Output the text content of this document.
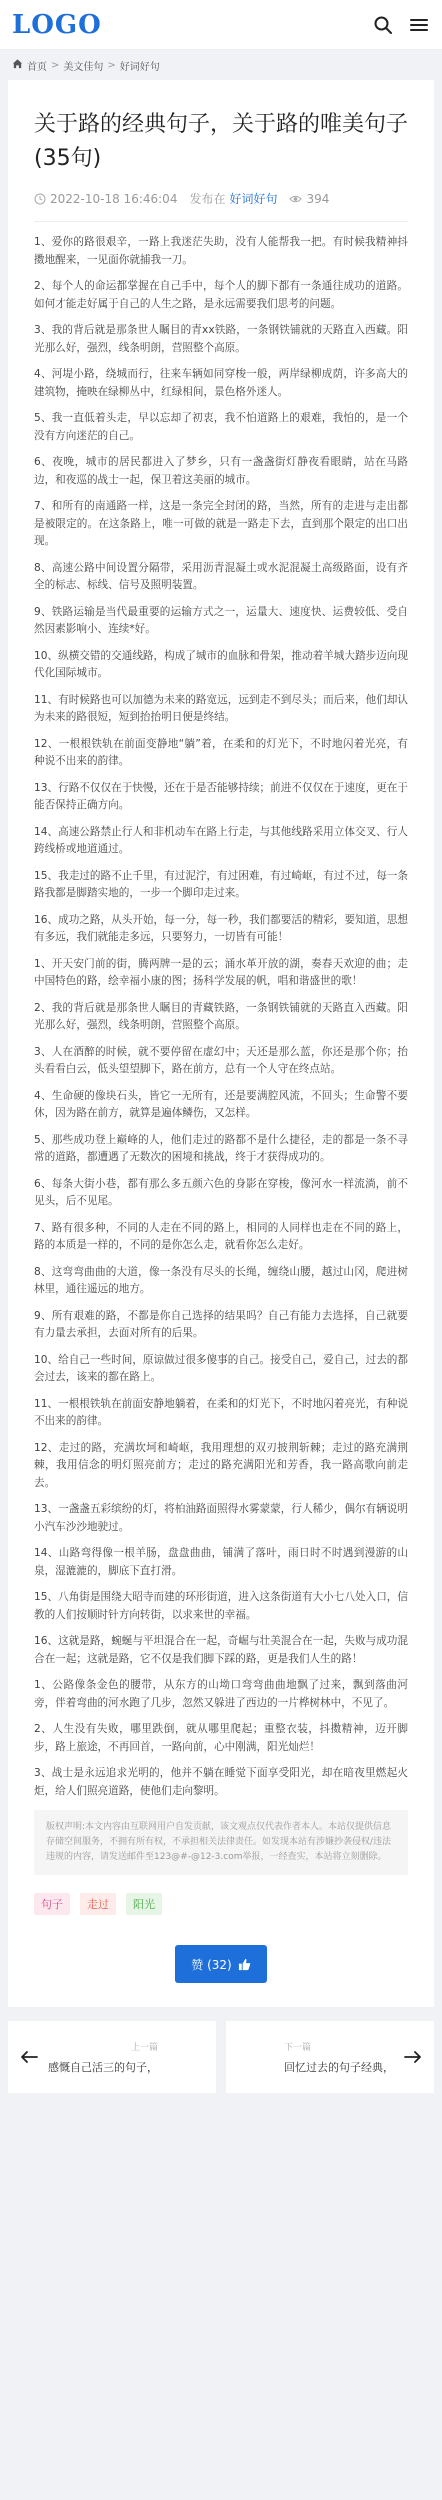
LOGO
首页 > 美文佳句 > 好词好句
关于路的经典句子，关于路的唯美句子(35句)
2022-10-18 16:46:04 发布在 好词好句 394

1、爱你的路很艰辛，一路上我迷茫失助，没有人能帮我一把。有时候我精神抖擞地醒来，一见面你就捕我一刀。

2、每个人的命运都掌握在自己手中，每个人的脚下都有一条通往成功的道路。如何才能走好属于自己的人生之路，是永远需要我们思考的问题。

3、我的背后就是那条世人瞩目的青xx铁路，一条钢铁铺就的天路直入西藏。阳光那么好，强烈，线条明朗，营照整个高原。

4、河堤小路，绕城而行，往来车辆如同穿梭一般，两岸绿柳成荫，许多高大的建筑物，掩映在绿柳丛中，红绿相间，景色格外迷人。

5、我一直低着头走，早以忘却了初衷，我不怕道路上的艰难，我怕的，是一个没有方向迷茫的自己。

6、夜晚，城市的居民都进入了梦乡，只有一盏盏街灯静夜看眼睛，站在马路边，和夜巡的战士一起，保卫着这美丽的城市。

7、和所有的南通路一样，这是一条完全封闭的路，当然，所有的走进与走出都是被限定的。在这条路上，唯一可做的就是一路走下去，直到那个限定的出口出现。

8、高速公路中间设置分隔带，采用沥青混凝土或水泥混凝土高级路面，设有齐全的标志、标线、信号及照明装置。

9、铁路运输是当代最重要的运输方式之一，运量大、速度快、运费较低、受自然因素影响小、连续*好。

10、纵横交错的交通线路，构成了城市的血脉和骨架，推动着羊城大踏步迈向现代化国际城市。

11、有时候路也可以加德为未来的路宽远，远到走不到尽头；而后来，他们却认为未来的路很短，短到抬抬明日便是终结。

12、一根根铁轨在前面变静地“躺”着，在柔和的灯光下，不时地闪着光亮，有种说不出来的韵律。

13、行路不仅仅在于快慢，还在于是否能够持续；前进不仅仅在于速度，更在于能否保持正确方向。

14、高速公路禁止行人和非机动车在路上行走，与其他线路采用立体交叉、行人跨线桥或地道通过。

15、我走过的路不止千里，有过泥泞，有过困难，有过崎岖，有过不过，每一条路我都是脚踏实地的，一步一个脚印走过来。

16、成功之路，从头开始，每一分，每一秒，我们都要活的精彩，要知道，思想有多远，我们就能走多远，只要努力，一切皆有可能！

1、开天安门前的街，腾两牌一是的云；涌水革开放的湖，奏春天欢迎的曲；走中国特色的路，绘幸福小康的图；扬科学发展的帆，唱和谐盛世的歌！

2、我的背后就是那条世人瞩目的青藏铁路，一条钢铁铺就的天路直入西藏。阳光那么好，强烈，线条明朗，营照整个高原。

3、人在酒醉的时候，就不要停留在虚幻中；天还是那么蓝，你还是那个你；抬头看看白云，低头望望脚下，路在前方，总有一个人守在终点站。

4、生命硬的像块石头，皆它一无所有，还是要满腔风流，不回头；生命警不要休，因为路在前方，就算是遍体鳞伤，又怎样。

5、那些成功登上巅峰的人，他们走过的路都不是什么捷径，走的都是一条不寻常的道路，都遭遇了无数次的困境和挑战，终于才获得成功的。

6、每条大街小巷，都有那么多五颜六色的身影在穿梭，像河水一样流淌，前不见头，后不见尾。

7、路有很多种，不同的人走在不同的路上，相同的人同样也走在不同的路上，路的本质是一样的，不同的是你怎么走，就看你怎么走好。

8、这弯弯曲曲的大道，像一条没有尽头的长绳，缠绕山腰，越过山冈，爬进树林里，通往遥远的地方。

9、所有艰难的路，不都是你自己选择的结果吗？自己有能力去选择，自己就要有力量去承担，去面对所有的后果。

10、给自己一些时间，原谅做过很多傻事的自己。接受自己，爱自己，过去的都会过去，该来的都在路上。

11、一根根铁轨在前面安静地躺着，在柔和的灯光下，不时地闪着亮光，有种说不出来的韵律。

12、走过的路，充满坎坷和崎岖，我用理想的双刃披荆斩棘；走过的路充满荆棘，我用信念的明灯照亮前方；走过的路充满阳光和芳香，我一路高歌向前走去。

13、一盏盏五彩缤纷的灯，将柏油路面照得水雾蒙蒙，行人稀少，偶尔有辆说明小汽车沙沙地驶过。

14、山路弯得像一根羊肠，盘盘曲曲，铺满了落叶，雨日时不时遇到漫游的山泉，湿漉漉的，脚底下直打滑。

15、八角街是围绕大昭寺而建的环形街道，进入这条街道有大小七八处入口，信教的人们按顺时针方向转街，以求来世的幸福。

16、这就是路，蜿蜒与平坦混合在一起，奇崛与壮美混合在一起，失败与成功混合在一起；这就是路，它不仅是我们脚下踩的路，更是我们人生的路！

1、公路像条金色的腰带，从东方的山坳口弯弯曲曲地飘了过来，飘到落曲河旁，伴着弯曲的河水跑了几步，忽然又躲进了西边的一片桦树林中，不见了。

2、人生没有失败，哪里跌倒，就从哪里爬起；重整衣装，抖擞精神，迈开脚步，路上旅途，不再回首，一路向前，心中刚满，阳光灿烂！

3、战士是永远追求光明的，他并不躺在睡觉下面享受阳光，却在暗夜里燃起火炬，给人们照亮道路，使他们走向黎明。

版权声明:本文内容由互联网用户自发贡献，该文观点仅代表作者本人。本站仅提供信息存储空间服务，不拥有所有权，不承担相关法律责任。如发现本站有涉嫌抄袭侵权/违法违规的内容，请发送邮件至123@#-@12-3.com举报，一经查实，本站将立刻删除。
句子	走过	阳光
赞 (32)
上一篇
感慨自己活三的句子，
下一篇
回忆过去的句子经典，
